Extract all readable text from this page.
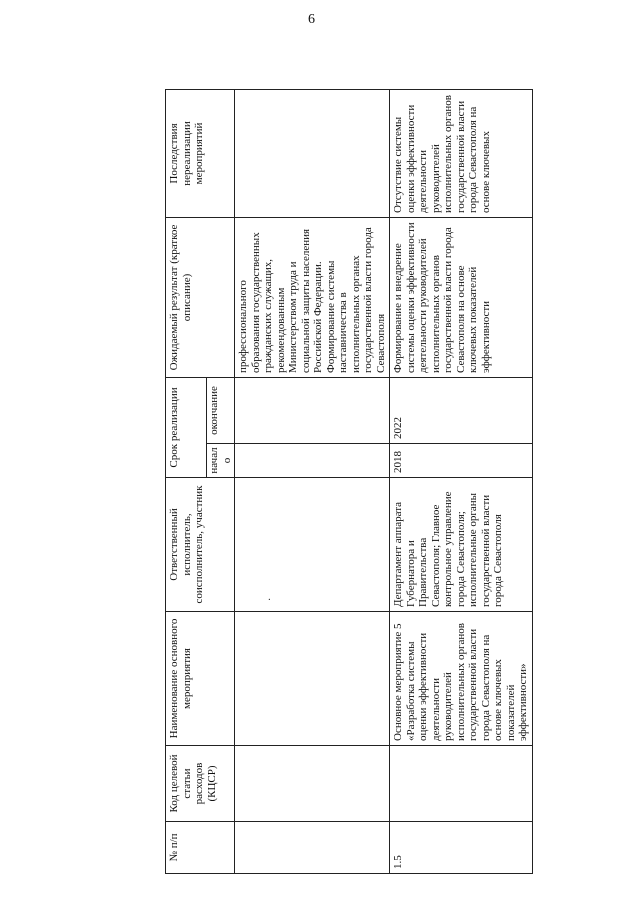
6
№ п/п	Код целевой статьи расходов (КЦСР)	Наименование основного мероприятия	Ответственный исполнитель, соисполнитель, участник	Срок реализации		Ожидаемый результат (краткое описание)	Последствия нереализации мероприятий
				начало	окончание		
		·				профессионального образования государственных гражданских служащих, рекомендованным Министерством труда и социальной защиты населения Российской Федерации. Формирование системы наставничества в исполнительных органах государственной власти города Севастополя	
1.5		Основное мероприятие 5 «Разработка системы оценки эффективности деятельности руководителей исполнительных органов государственной власти города Севастополя на основе ключевых показателей эффективности»	Департамент аппарата Губернатора и Правительства Севастополя; Главное контрольное управление города Севастополя; исполнительные органы государственной власти города Севастополя	2018	2022	Формирование и внедрение системы оценки эффективности деятельности руководителей исполнительных органов государственной власти города Севастополя на основе ключевых показателей эффективности	Отсутствие системы оценки эффективности деятельности руководителей исполнительных органов государственной власти города Севастополя на основе ключевых
